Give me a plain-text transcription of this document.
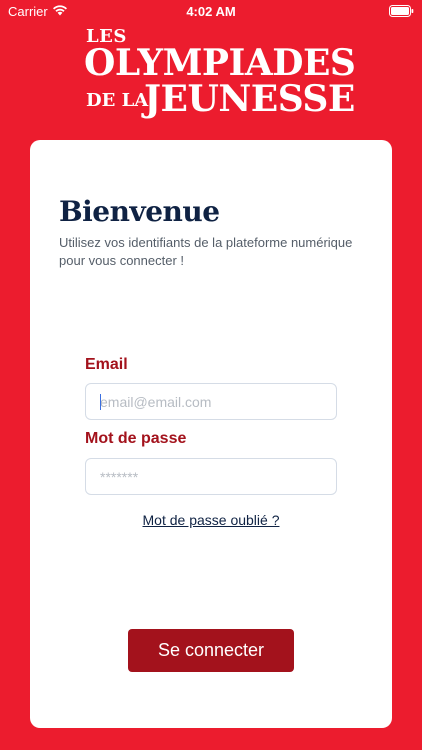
Carrier	4:02 AM
LES
OLYMPIADES
DE LA
JEUNESSE
Bienvenue

Utilisez vos identifiants de la plateforme numérique pour vous connecter !

Email
email@email.com
Mot de passe
*******
Mot de passe oublié ?
Se connecter
